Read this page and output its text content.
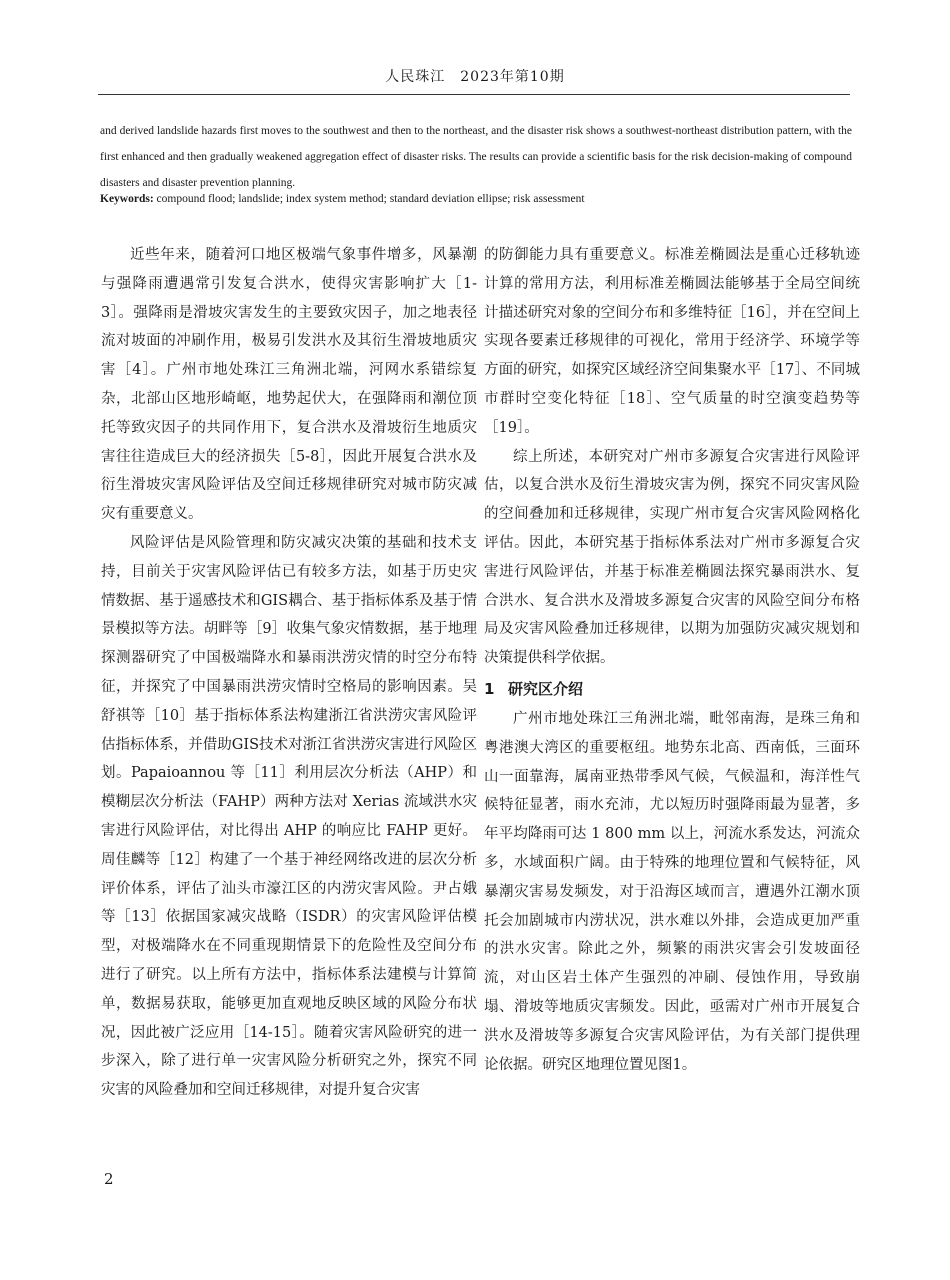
人民珠江　2023年第10期
and derived landslide hazards first moves to the southwest and then to the northeast, and the disaster risk shows a southwest-northeast distribution pattern, with the first enhanced and then gradually weakened aggregation effect of disaster risks. The results can provide a scientific basis for the risk decision-making of compound disasters and disaster prevention planning.
Keywords: compound flood; landslide; index system method; standard deviation ellipse; risk assessment

近些年来，随着河口地区极端气象事件增多，风暴潮与强降雨遭遇常引发复合洪水，使得灾害影响扩大［1-3］。强降雨是滑坡灾害发生的主要致灾因子，加之地表径流对坡面的冲刷作用，极易引发洪水及其衍生滑坡地质灾害［4］。广州市地处珠江三角洲北端，河网水系错综复杂，北部山区地形崎岖，地势起伏大，在强降雨和潮位顶托等致灾因子的共同作用下，复合洪水及滑坡衍生地质灾害往往造成巨大的经济损失［5-8］，因此开展复合洪水及衍生滑坡灾害风险评估及空间迁移规律研究对城市防灾减灾有重要意义。

风险评估是风险管理和防灾减灾决策的基础和技术支持，目前关于灾害风险评估已有较多方法，如基于历史灾情数据、基于遥感技术和GIS耦合、基于指标体系及基于情景模拟等方法。胡畔等［9］收集气象灾情数据，基于地理探测器研究了中国极端降水和暴雨洪涝灾情的时空分布特征，并探究了中国暴雨洪涝灾情时空格局的影响因素。吴舒祺等［10］基于指标体系法构建浙江省洪涝灾害风险评估指标体系，并借助GIS技术对浙江省洪涝灾害进行风险区划。Papaioannou 等［11］利用层次分析法（AHP）和模糊层次分析法（FAHP）两种方法对 Xerias 流域洪水灾害进行风险评估，对比得出 AHP 的响应比 FAHP 更好。周佳麟等［12］构建了一个基于神经网络改进的层次分析评价体系，评估了汕头市濠江区的内涝灾害风险。尹占娥等［13］依据国家减灾战略（ISDR）的灾害风险评估模型，对极端降水在不同重现期情景下的危险性及空间分布进行了研究。以上所有方法中，指标体系法建模与计算简单，数据易获取，能够更加直观地反映区域的风险分布状况，因此被广泛应用［14-15］。随着灾害风险研究的进一步深入，除了进行单一灾害风险分析研究之外，探究不同灾害的风险叠加和空间迁移规律，对提升复合灾害

的防御能力具有重要意义。标准差椭圆法是重心迁移轨迹计算的常用方法，利用标准差椭圆法能够基于全局空间统计描述研究对象的空间分布和多维特征［16］，并在空间上实现各要素迁移规律的可视化，常用于经济学、环境学等方面的研究，如探究区域经济空间集聚水平［17］、不同城市群时空变化特征［18］、空气质量的时空演变趋势等［19］。

综上所述，本研究对广州市多源复合灾害进行风险评估，以复合洪水及衍生滑坡灾害为例，探究不同灾害风险的空间叠加和迁移规律，实现广州市复合灾害风险网格化评估。因此，本研究基于指标体系法对广州市多源复合灾害进行风险评估，并基于标准差椭圆法探究暴雨洪水、复合洪水、复合洪水及滑坡多源复合灾害的风险空间分布格局及灾害风险叠加迁移规律，以期为加强防灾减灾规划和决策提供科学依据。

1 研究区介绍

广州市地处珠江三角洲北端，毗邻南海，是珠三角和粤港澳大湾区的重要枢纽。地势东北高、西南低，三面环山一面靠海，属南亚热带季风气候，气候温和，海洋性气候特征显著，雨水充沛，尤以短历时强降雨最为显著，多年平均降雨可达 1 800 mm 以上，河流水系发达，河流众多，水域面积广阔。由于特殊的地理位置和气候特征，风暴潮灾害易发频发，对于沿海区域而言，遭遇外江潮水顶托会加剧城市内涝状况，洪水难以外排，会造成更加严重的洪水灾害。除此之外，频繁的雨洪灾害会引发坡面径流，对山区岩土体产生强烈的冲刷、侵蚀作用，导致崩塌、滑坡等地质灾害频发。因此，亟需对广州市开展复合洪水及滑坡等多源复合灾害风险评估，为有关部门提供理论依据。研究区地理位置见图1。

2
